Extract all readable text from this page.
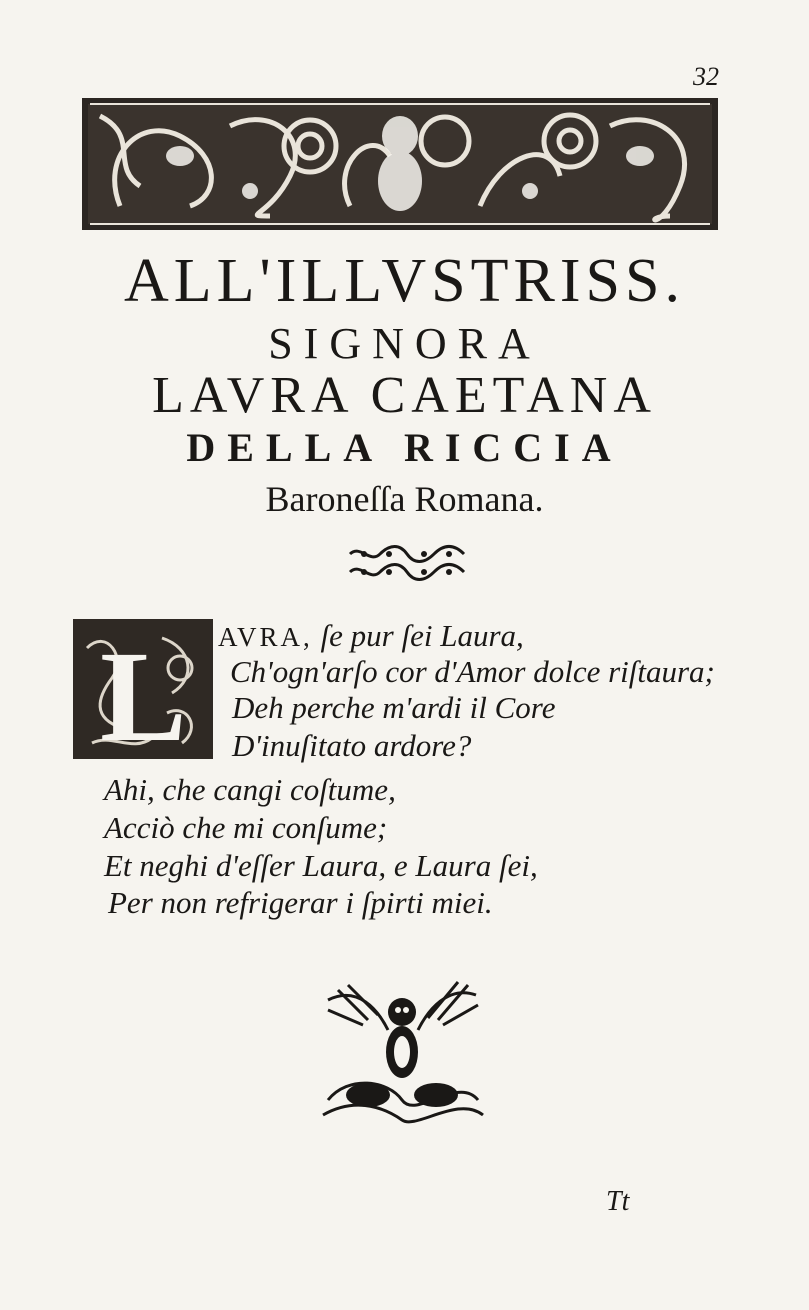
32
ALL'ILLVSTRISS.
SIGNORA
LAVRA CAETANA
DELLA RICCIA
Baroneſſa Romana.
L AVRA, ſe pur ſei Laura,
Ch'ogn'arſo cor d'Amor dolce riſtaura;
Deh perche m'ardi il Core
D'inuſitato ardore?
Ahi, che cangi coſtume,
Acciò che mi conſume;
Et neghi d'eſſer Laura, e Laura ſei,
Per non refrigerar i ſpirti miei.
Tt
